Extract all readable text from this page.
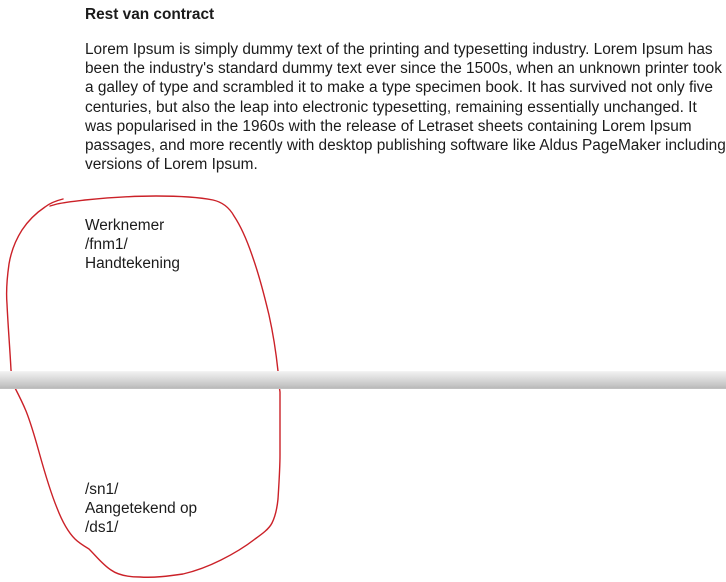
Rest van contract

Lorem Ipsum is simply dummy text of the printing and typesetting industry. Lorem Ipsum has been the industry's standard dummy text ever since the 1500s, when an unknown printer took a galley of type and scrambled it to make a type specimen book. It has survived not only five centuries, but also the leap into electronic typesetting, remaining essentially unchanged. It was popularised in the 1960s with the release of Letraset sheets containing Lorem Ipsum passages, and more recently with desktop publishing software like Aldus PageMaker including versions of Lorem Ipsum.

Werknemer
/fnm1/
Handtekening
/sn1/
Aangetekend op
/ds1/
